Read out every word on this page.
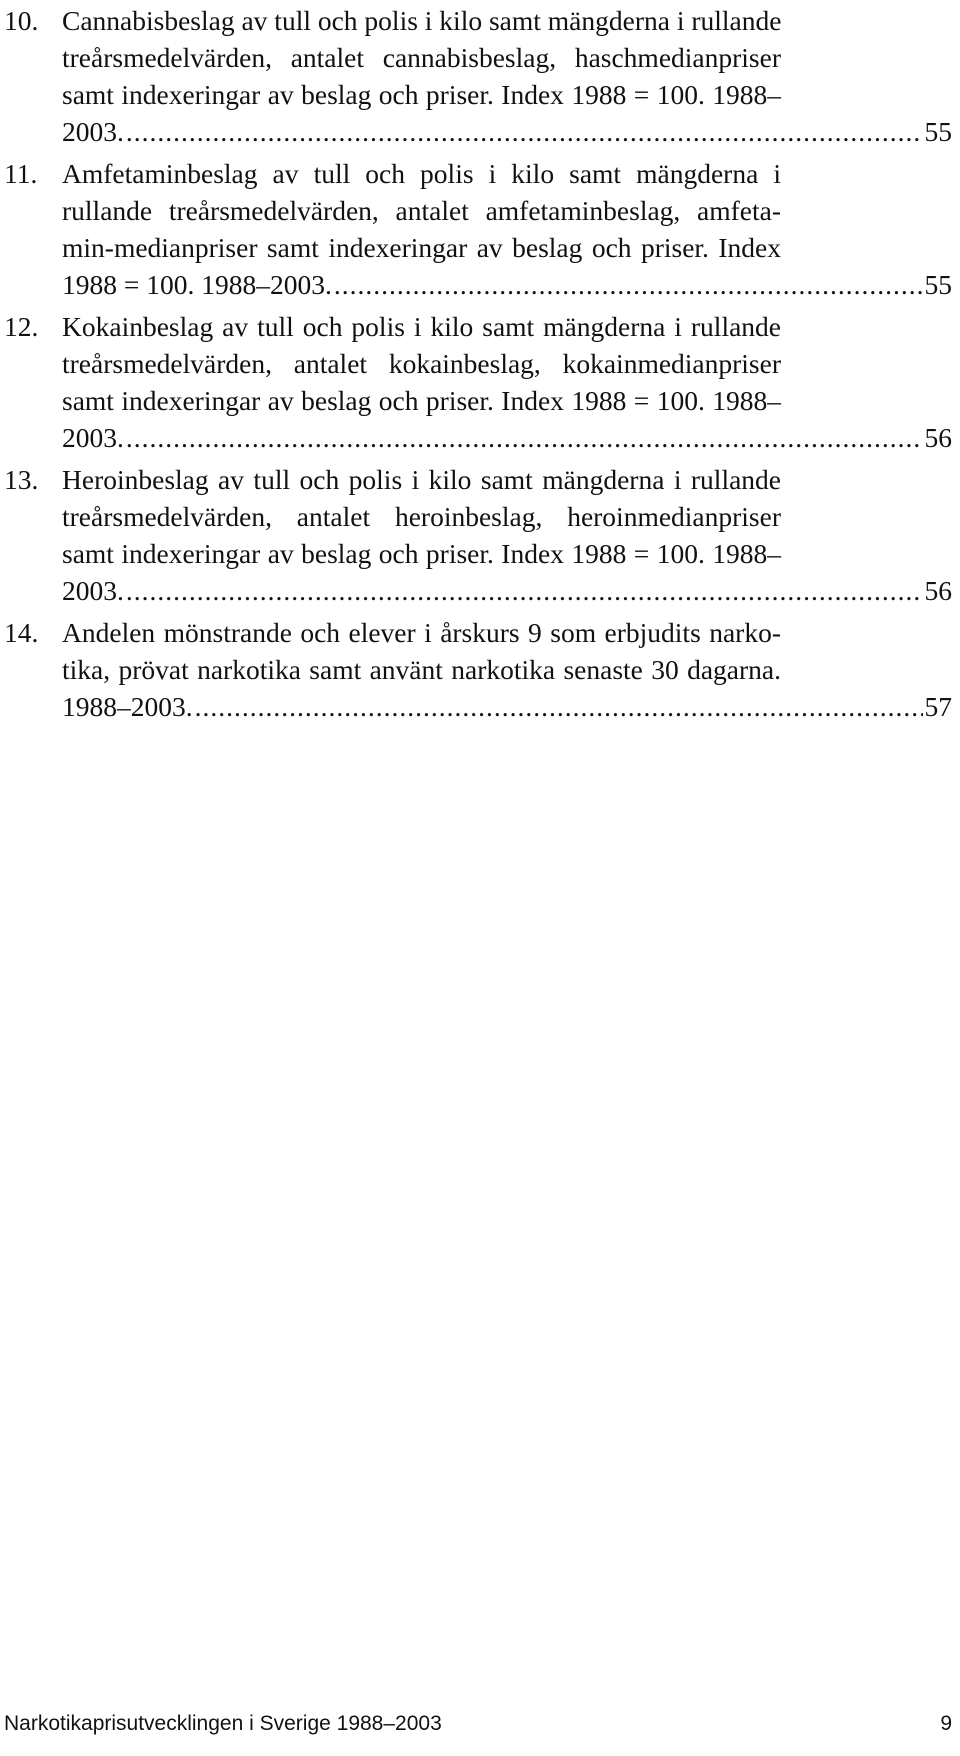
10. Cannabisbeslag av tull och polis i kilo samt mängderna i rullande
treårsmedelvärden, antalet cannabisbeslag, haschmedianpriser
samt indexeringar av beslag och priser. Index 1988 = 100. 1988–
2003. .....	55
11. Amfetaminbeslag av tull och polis i kilo samt mängderna i
rullande treårsmedelvärden, antalet amfetaminbeslag, amfeta-
min-medianpriser samt indexeringar av beslag och priser. Index
1988 = 100. 1988–2003. .....	55
12. Kokainbeslag av tull och polis i kilo samt mängderna i rullande
treårsmedelvärden, antalet kokainbeslag, kokainmedianpriser
samt indexeringar av beslag och priser. Index 1988 = 100. 1988–
2003. .....	56
13. Heroinbeslag av tull och polis i kilo samt mängderna i rullande
treårsmedelvärden, antalet heroinbeslag, heroinmedianpriser
samt indexeringar av beslag och priser. Index 1988 = 100. 1988–
2003. .....	56
14. Andelen mönstrande och elever i årskurs 9 som erbjudits narko-
tika, prövat narkotika samt använt narkotika senaste 30 dagarna.
1988–2003. .....	57
Narkotikaprisutvecklingen i Sverige 1988–2003	9
